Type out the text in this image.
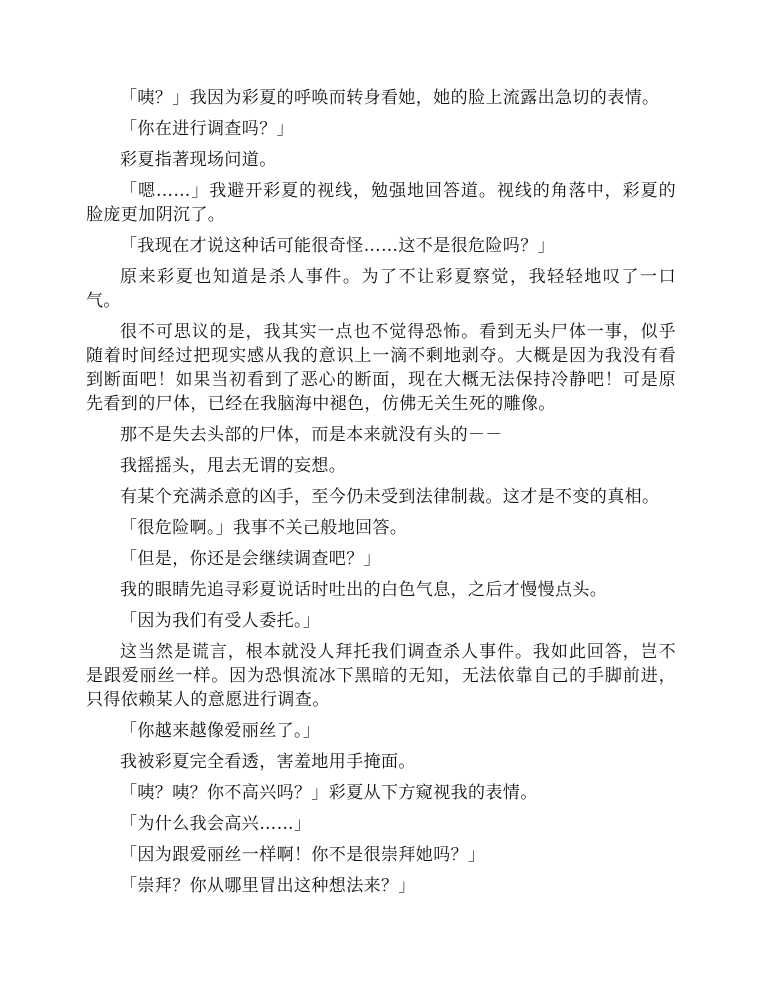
「咦？」我因为彩夏的呼唤而转身看她，她的脸上流露出急切的表情。

「你在进行调查吗？」

彩夏指著现场问道。

「嗯……」我避开彩夏的视线，勉强地回答道。视线的角落中，彩夏的脸庞更加阴沉了。

「我现在才说这种话可能很奇怪……这不是很危险吗？」

原来彩夏也知道是杀人事件。为了不让彩夏察觉，我轻轻地叹了一口气。

很不可思议的是，我其实一点也不觉得恐怖。看到无头尸体一事，似乎随着时间经过把现实感从我的意识上一滴不剩地剥夺。大概是因为我没有看到断面吧！如果当初看到了恶心的断面，现在大概无法保持冷静吧！可是原先看到的尸体，已经在我脑海中褪色，仿佛无关生死的雕像。

那不是失去头部的尸体，而是本来就没有头的－－

我摇摇头，甩去无谓的妄想。

有某个充满杀意的凶手，至今仍未受到法律制裁。这才是不变的真相。

「很危险啊。」我事不关己般地回答。

「但是，你还是会继续调查吧？」

我的眼睛先追寻彩夏说话时吐出的白色气息，之后才慢慢点头。

「因为我们有受人委托。」

这当然是谎言，根本就没人拜托我们调查杀人事件。我如此回答，岂不是跟爱丽丝一样。因为恐惧流冰下黑暗的无知，无法依靠自己的手脚前进，只得依赖某人的意愿进行调查。

「你越来越像爱丽丝了。」

我被彩夏完全看透，害羞地用手掩面。

「咦？咦？你不高兴吗？」彩夏从下方窥视我的表情。

「为什么我会高兴……」

「因为跟爱丽丝一样啊！你不是很崇拜她吗？」

「崇拜？你从哪里冒出这种想法来？」
